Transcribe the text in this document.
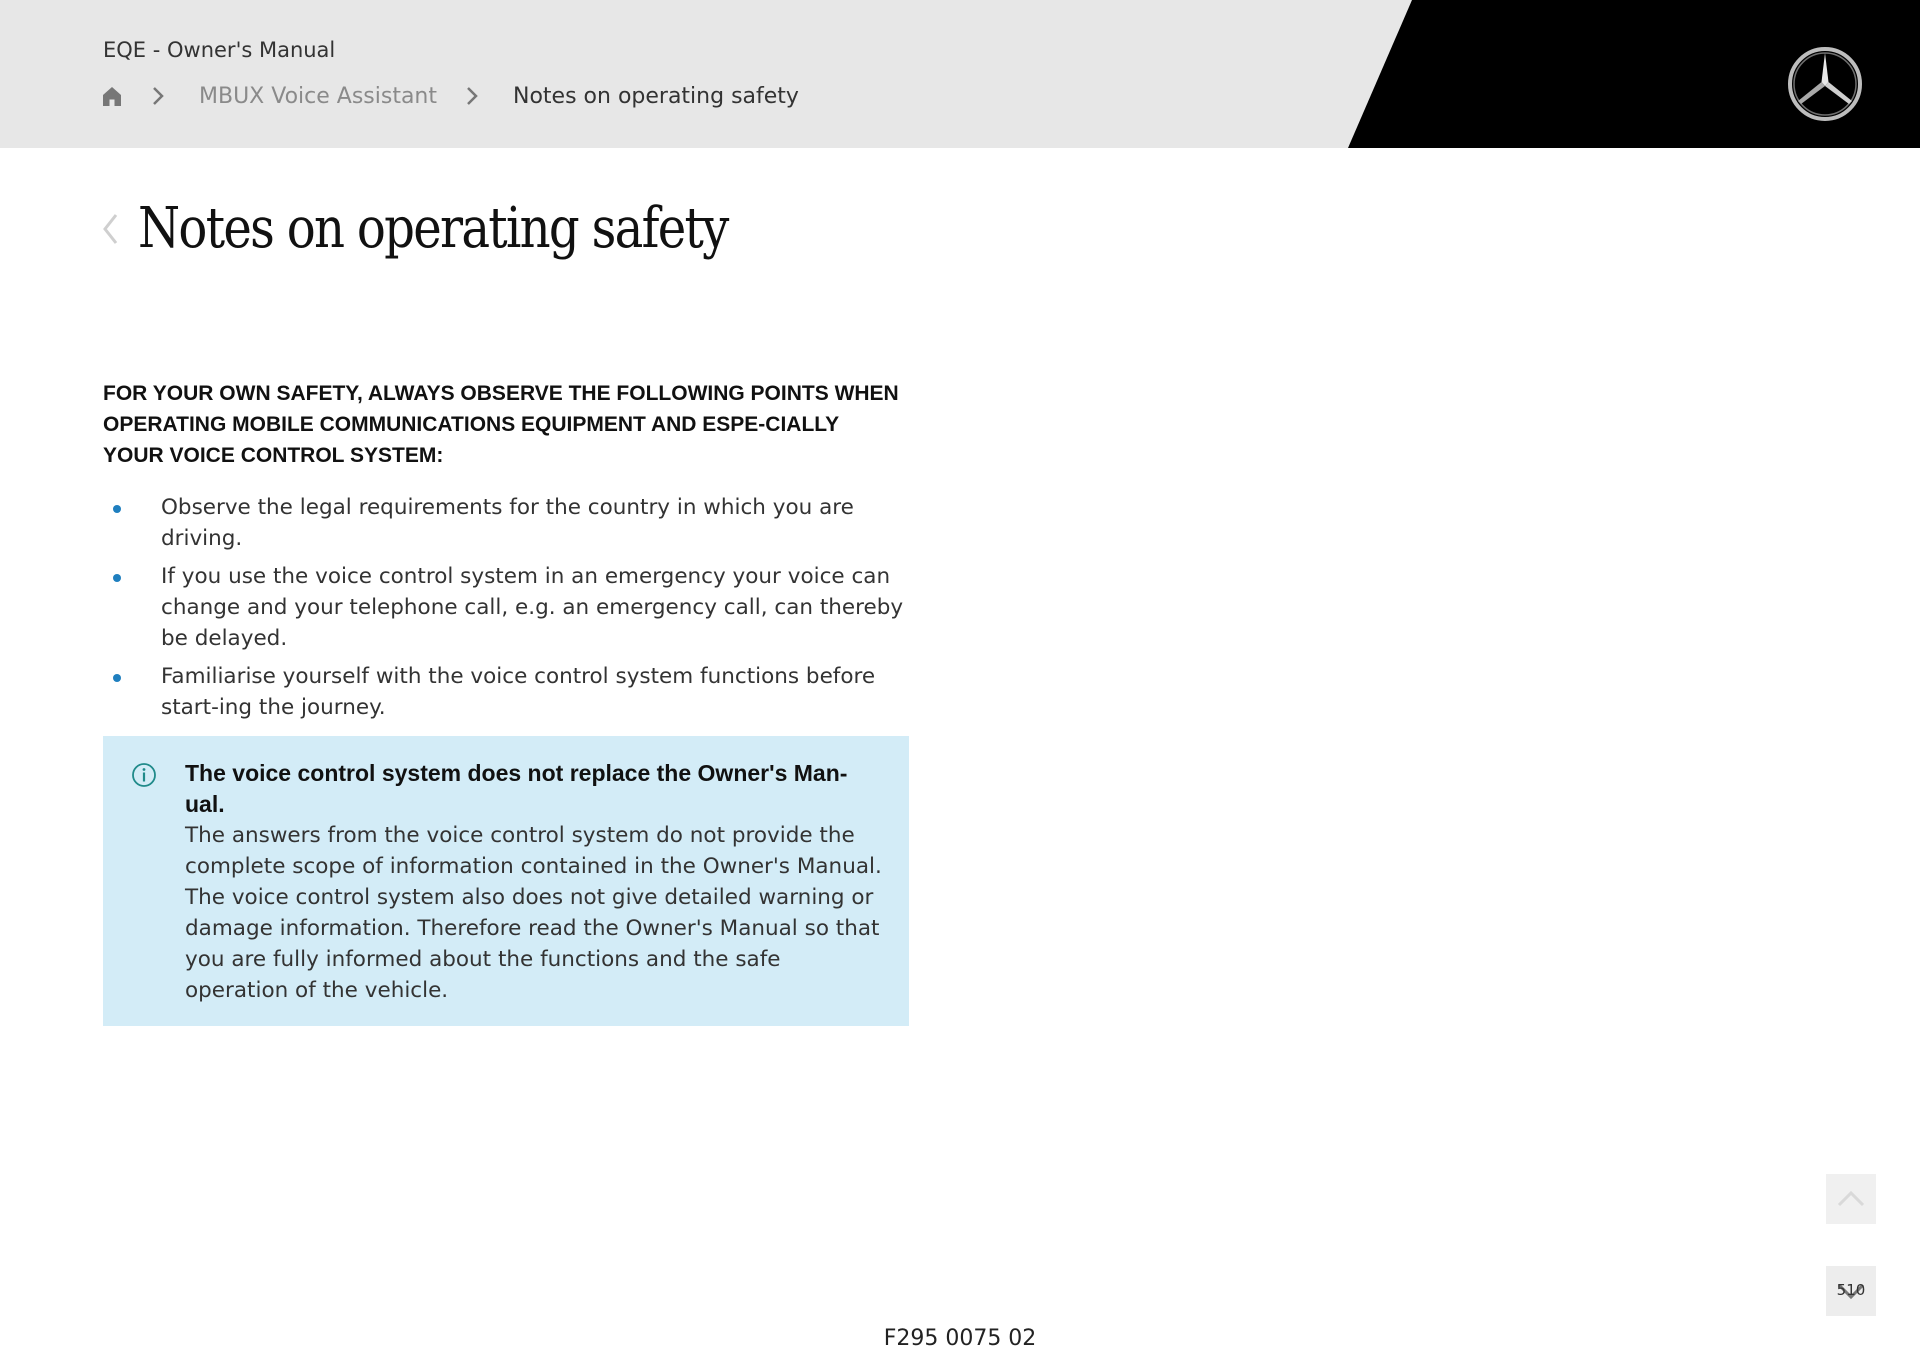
EQE - Owner's Manual
MBUX Voice Assistant	Notes on operating safety
Notes on operating safety
FOR YOUR OWN SAFETY, ALWAYS OBSERVE THE FOLLOWING POINTS WHEN OPERATING MOBILE COMMUNICATIONS EQUIPMENT AND ESPE-CIALLY YOUR VOICE CONTROL SYSTEM:
Observe the legal requirements for the country in which you are driving.
If you use the voice control system in an emergency your voice can change and your telephone call, e.g. an emergency call, can thereby be delayed.
Familiarise yourself with the voice control system functions before start-ing the journey.
The voice control system does not replace the Owner's Man-ual.
The answers from the voice control system do not provide the complete scope of information contained in the Owner's Manual. The voice control system also does not give detailed warning or damage information. Therefore read the Owner's Manual so that you are fully informed about the functions and the safe operation of the vehicle.
510
F295 0075 02
